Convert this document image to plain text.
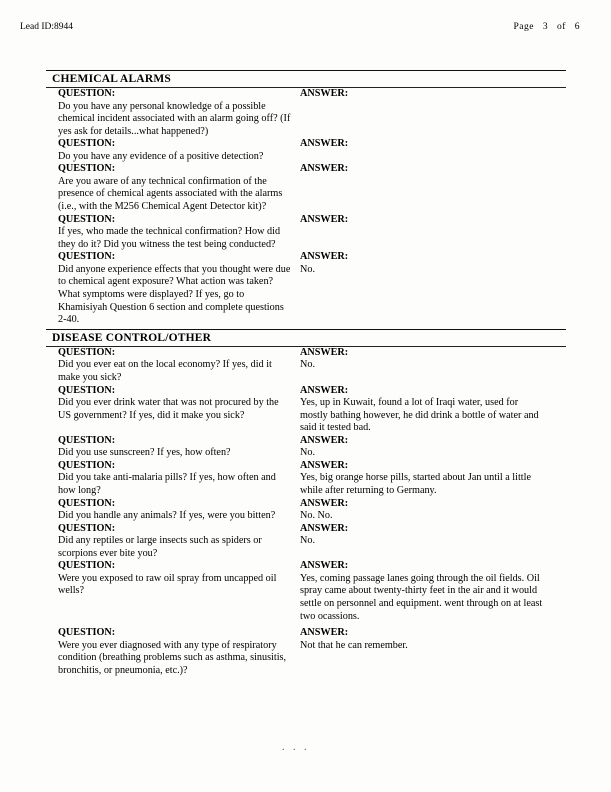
Lead ID:8944	Page 3 of 6
CHEMICAL ALARMS
QUESTION:
Do you have any personal knowledge of a possible chemical incident associated with an alarm going off? (If yes ask for details...what happened?)
ANSWER:
QUESTION:
Do you have any evidence of a positive detection?
ANSWER:
QUESTION:
Are you aware of any technical confirmation of the presence of chemical agents associated with the alarms (i.e., with the M256 Chemical Agent Detector kit)?
ANSWER:
QUESTION:
If yes, who made the technical confirmation? How did they do it? Did you witness the test being conducted?
ANSWER:
QUESTION:
Did anyone experience effects that you thought were due to chemical agent exposure? What action was taken? What symptoms were displayed? If yes, go to Khamisiyah Question 6 section and complete questions 2-40.
ANSWER:
No.
DISEASE CONTROL/OTHER
QUESTION:
Did you ever eat on the local economy? If yes, did it make you sick?
ANSWER:
No.
QUESTION:
Did you ever drink water that was not procured by the US government? If yes, did it make you sick?
ANSWER:
Yes, up in Kuwait, found a lot of Iraqi water, used for mostly bathing however, he did drink a bottle of water and said it tested bad.
QUESTION:
Did you use sunscreen? If yes, how often?
ANSWER:
No.
QUESTION:
Did you take anti-malaria pills? If yes, how often and how long?
ANSWER:
Yes, big orange horse pills, started about Jan until a little while after returning to Germany.
QUESTION:
Did you handle any animals? If yes, were you bitten?
ANSWER:
No. No.
QUESTION:
Did any reptiles or large insects such as spiders or scorpions ever bite you?
ANSWER:
No.
QUESTION:
Were you exposed to raw oil spray from uncapped oil wells?
ANSWER:
Yes, coming passage lanes going through the oil fields. Oil spray came about twenty-thirty feet in the air and it would settle on personnel and equipment. went through on at least two ocassions.
QUESTION:
Were you ever diagnosed with any type of respiratory condition (breathing problems such as asthma, sinusitis, bronchitis, or pneumonia, etc.)?
ANSWER:
Not that he can remember.
. . .
